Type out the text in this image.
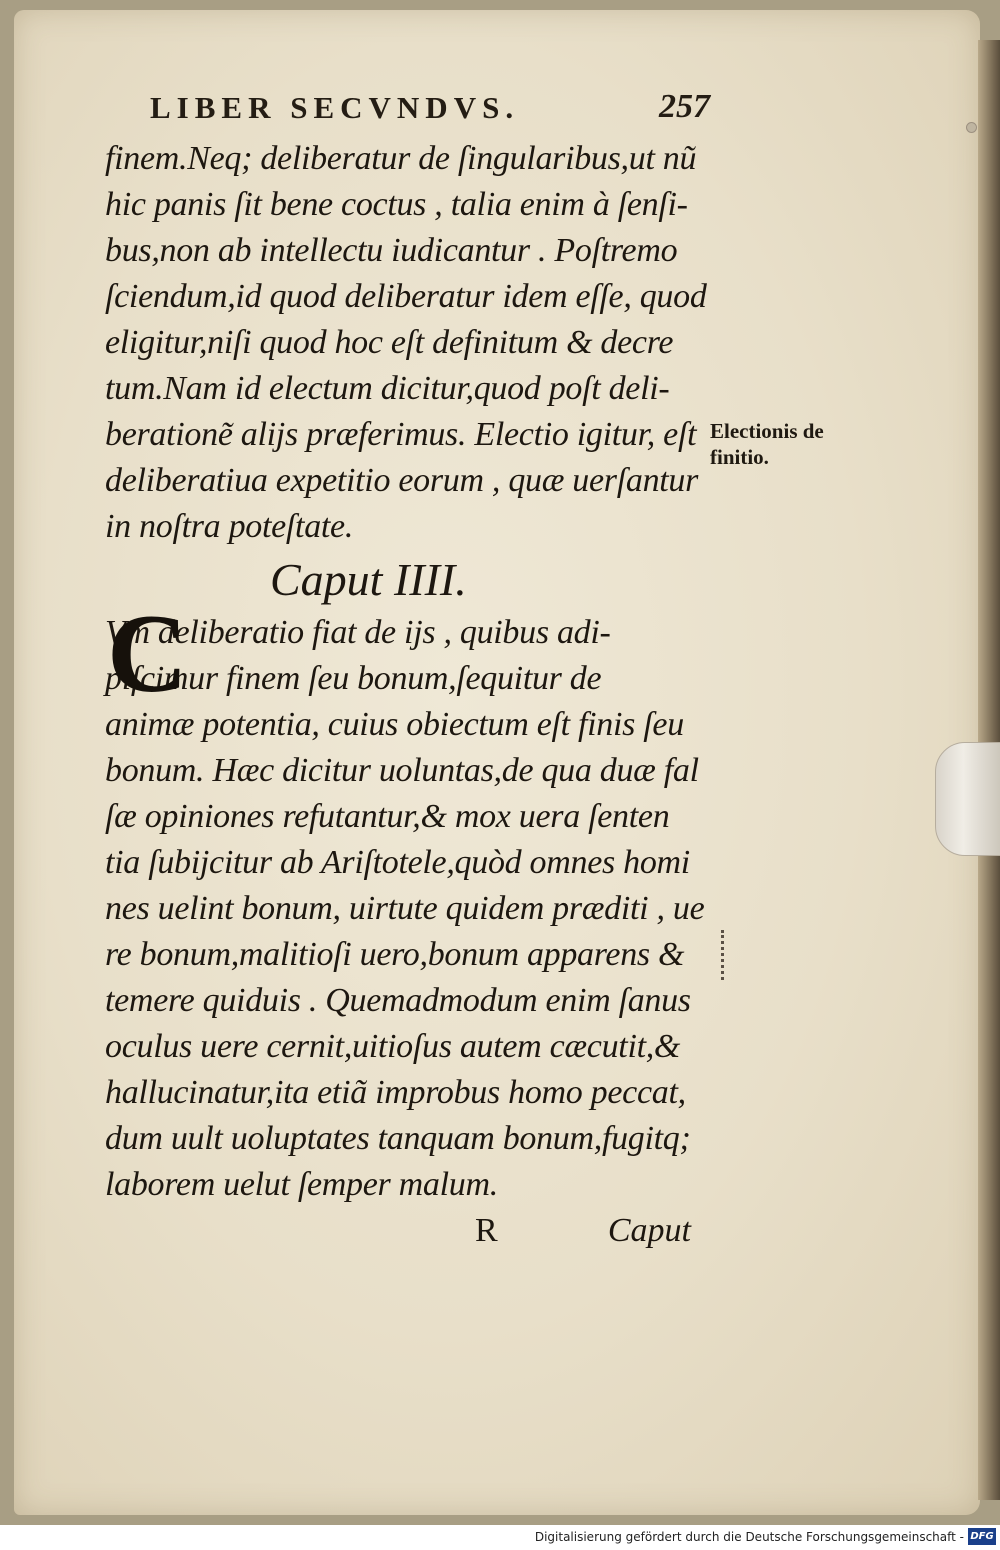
LIBER SECVNDVS.	257
finem.Neq; deliberatur de ſingularibus,ut nũ
hic panis ſit bene coctus , talia enim à ſenſi-
bus,non ab intellectu iudicantur . Poſtremo
ſciendum,id quod deliberatur idem eſſe, quod
eligitur,niſi quod hoc eſt definitum & decre
tum.Nam id electum dicitur,quod poſt deli-
beratione͂ alijs præferimus. Electio igitur, eſt
deliberatiua expetitio eorum , quæ uerſantur
in noſtra poteſtate.
Caput IIII.
C
Vm deliberatio fiat de ijs , quibus adi-
piſcimur finem ſeu bonum,ſequitur de
animæ potentia, cuius obiectum eſt finis ſeu
bonum. Hæc dicitur uoluntas,de qua duæ fal
ſæ opiniones refutantur,& mox uera ſenten
tia ſubijcitur ab Ariſtotele,quòd omnes homi
nes uelint bonum, uirtute quidem præditi , ue
re bonum,malitioſi uero,bonum apparens &
temere quiduis . Quemadmodum enim ſanus
oculus uere cernit,uitioſus autem cæcutit,&
hallucinatur,ita etiã improbus homo peccat,
dum uult uoluptates tanquam bonum,fugitq;
laborem uelut ſemper malum.
Electionis de
finitio.
R	Caput
Digitalisierung gefördert durch die Deutsche Forschungsgemeinschaft - DFG
